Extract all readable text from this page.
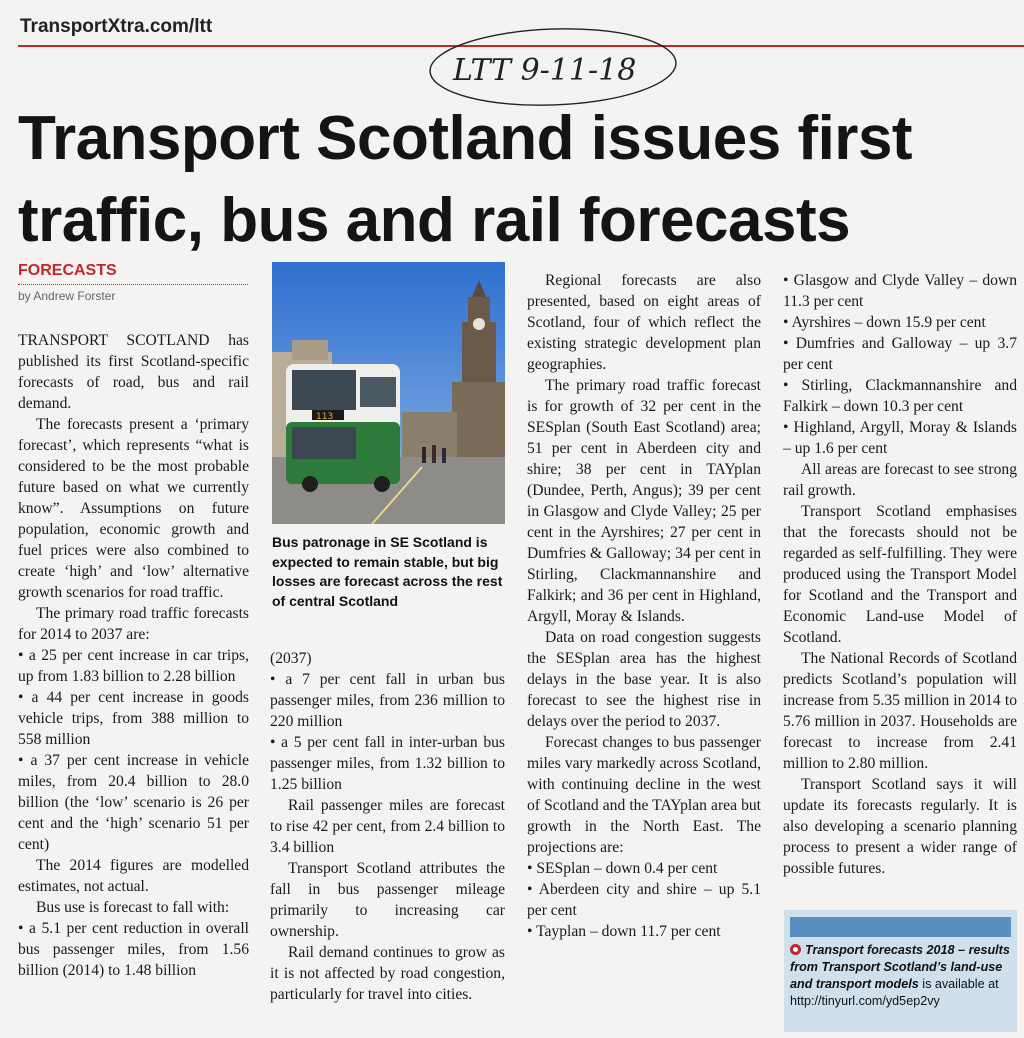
TransportXtra.com/ltt
LTT 9-11-18
Transport Scotland issues first
traffic, bus and rail forecasts
FORECASTS
by Andrew Forster

TRANSPORT SCOTLAND has published its first Scotland-specific forecasts of road, bus and rail demand.

The forecasts present a ‘primary forecast’, which represents “what is considered to be the most probable future based on what we currently know”. Assumptions on future population, economic growth and fuel prices were also combined to create ‘high’ and ‘low’ alternative growth scenarios for road traffic.

The primary road traffic forecasts for 2014 to 2037 are:

• a 25 per cent increase in car trips, up from 1.83 billion to 2.28 billion

• a 44 per cent increase in goods vehicle trips, from 388 million to 558 million

• a 37 per cent increase in vehicle miles, from 20.4 billion to 28.0 billion (the ‘low’ scenario is 26 per cent and the ‘high’ scenario 51 per cent)

The 2014 figures are modelled estimates, not actual.

Bus use is forecast to fall with:

• a 5.1 per cent reduction in overall bus passenger miles, from 1.56 billion (2014) to 1.48 billion

113
Bus patronage in SE Scotland is expected to remain stable, but big losses are forecast across the rest of central Scotland

(2037)

• a 7 per cent fall in urban bus passenger miles, from 236 million to 220 million

• a 5 per cent fall in inter-urban bus passenger miles, from 1.32 billion to 1.25 billion

Rail passenger miles are forecast to rise 42 per cent, from 2.4 billion to 3.4 billion

Transport Scotland attributes the fall in bus passenger mileage primarily to increasing car ownership.

Rail demand continues to grow as it is not affected by road congestion, particularly for travel into cities.

Regional forecasts are also presented, based on eight areas of Scotland, four of which reflect the existing strategic development plan geographies.

The primary road traffic forecast is for growth of 32 per cent in the SESplan (South East Scotland) area; 51 per cent in Aberdeen city and shire; 38 per cent in TAYplan (Dundee, Perth, Angus); 39 per cent in Glasgow and Clyde Valley; 25 per cent in the Ayrshires; 27 per cent in Dumfries & Galloway; 34 per cent in Stirling, Clackmannanshire and Falkirk; and 36 per cent in Highland, Argyll, Moray & Islands.

Data on road congestion suggests the SESplan area has the highest delays in the base year. It is also forecast to see the highest rise in delays over the period to 2037.

Forecast changes to bus passenger miles vary markedly across Scotland, with continuing decline in the west of Scotland and the TAYplan area but growth in the North East. The projections are:

• SESplan – down 0.4 per cent

• Aberdeen city and shire – up 5.1 per cent

• Tayplan – down 11.7 per cent

• Glasgow and Clyde Valley – down 11.3 per cent

• Ayrshires – down 15.9 per cent

• Dumfries and Galloway – up 3.7 per cent

• Stirling, Clackmannanshire and Falkirk – down 10.3 per cent

• Highland, Argyll, Moray & Islands – up 1.6 per cent

All areas are forecast to see strong rail growth.

Transport Scotland emphasises that the forecasts should not be regarded as self-fulfilling. They were produced using the Transport Model for Scotland and the Transport and Economic Land-use Model of Scotland.

The National Records of Scotland predicts Scotland’s population will increase from 5.35 million in 2014 to 5.76 million in 2037. Households are forecast to increase from 2.41 million to 2.80 million.

Transport Scotland says it will update its forecasts regularly. It is also developing a scenario planning process to present a wider range of possible futures.

Transport forecasts 2018 – results from Transport Scotland’s land-use and transport models is available at
http://tinyurl.com/yd5ep2vy
